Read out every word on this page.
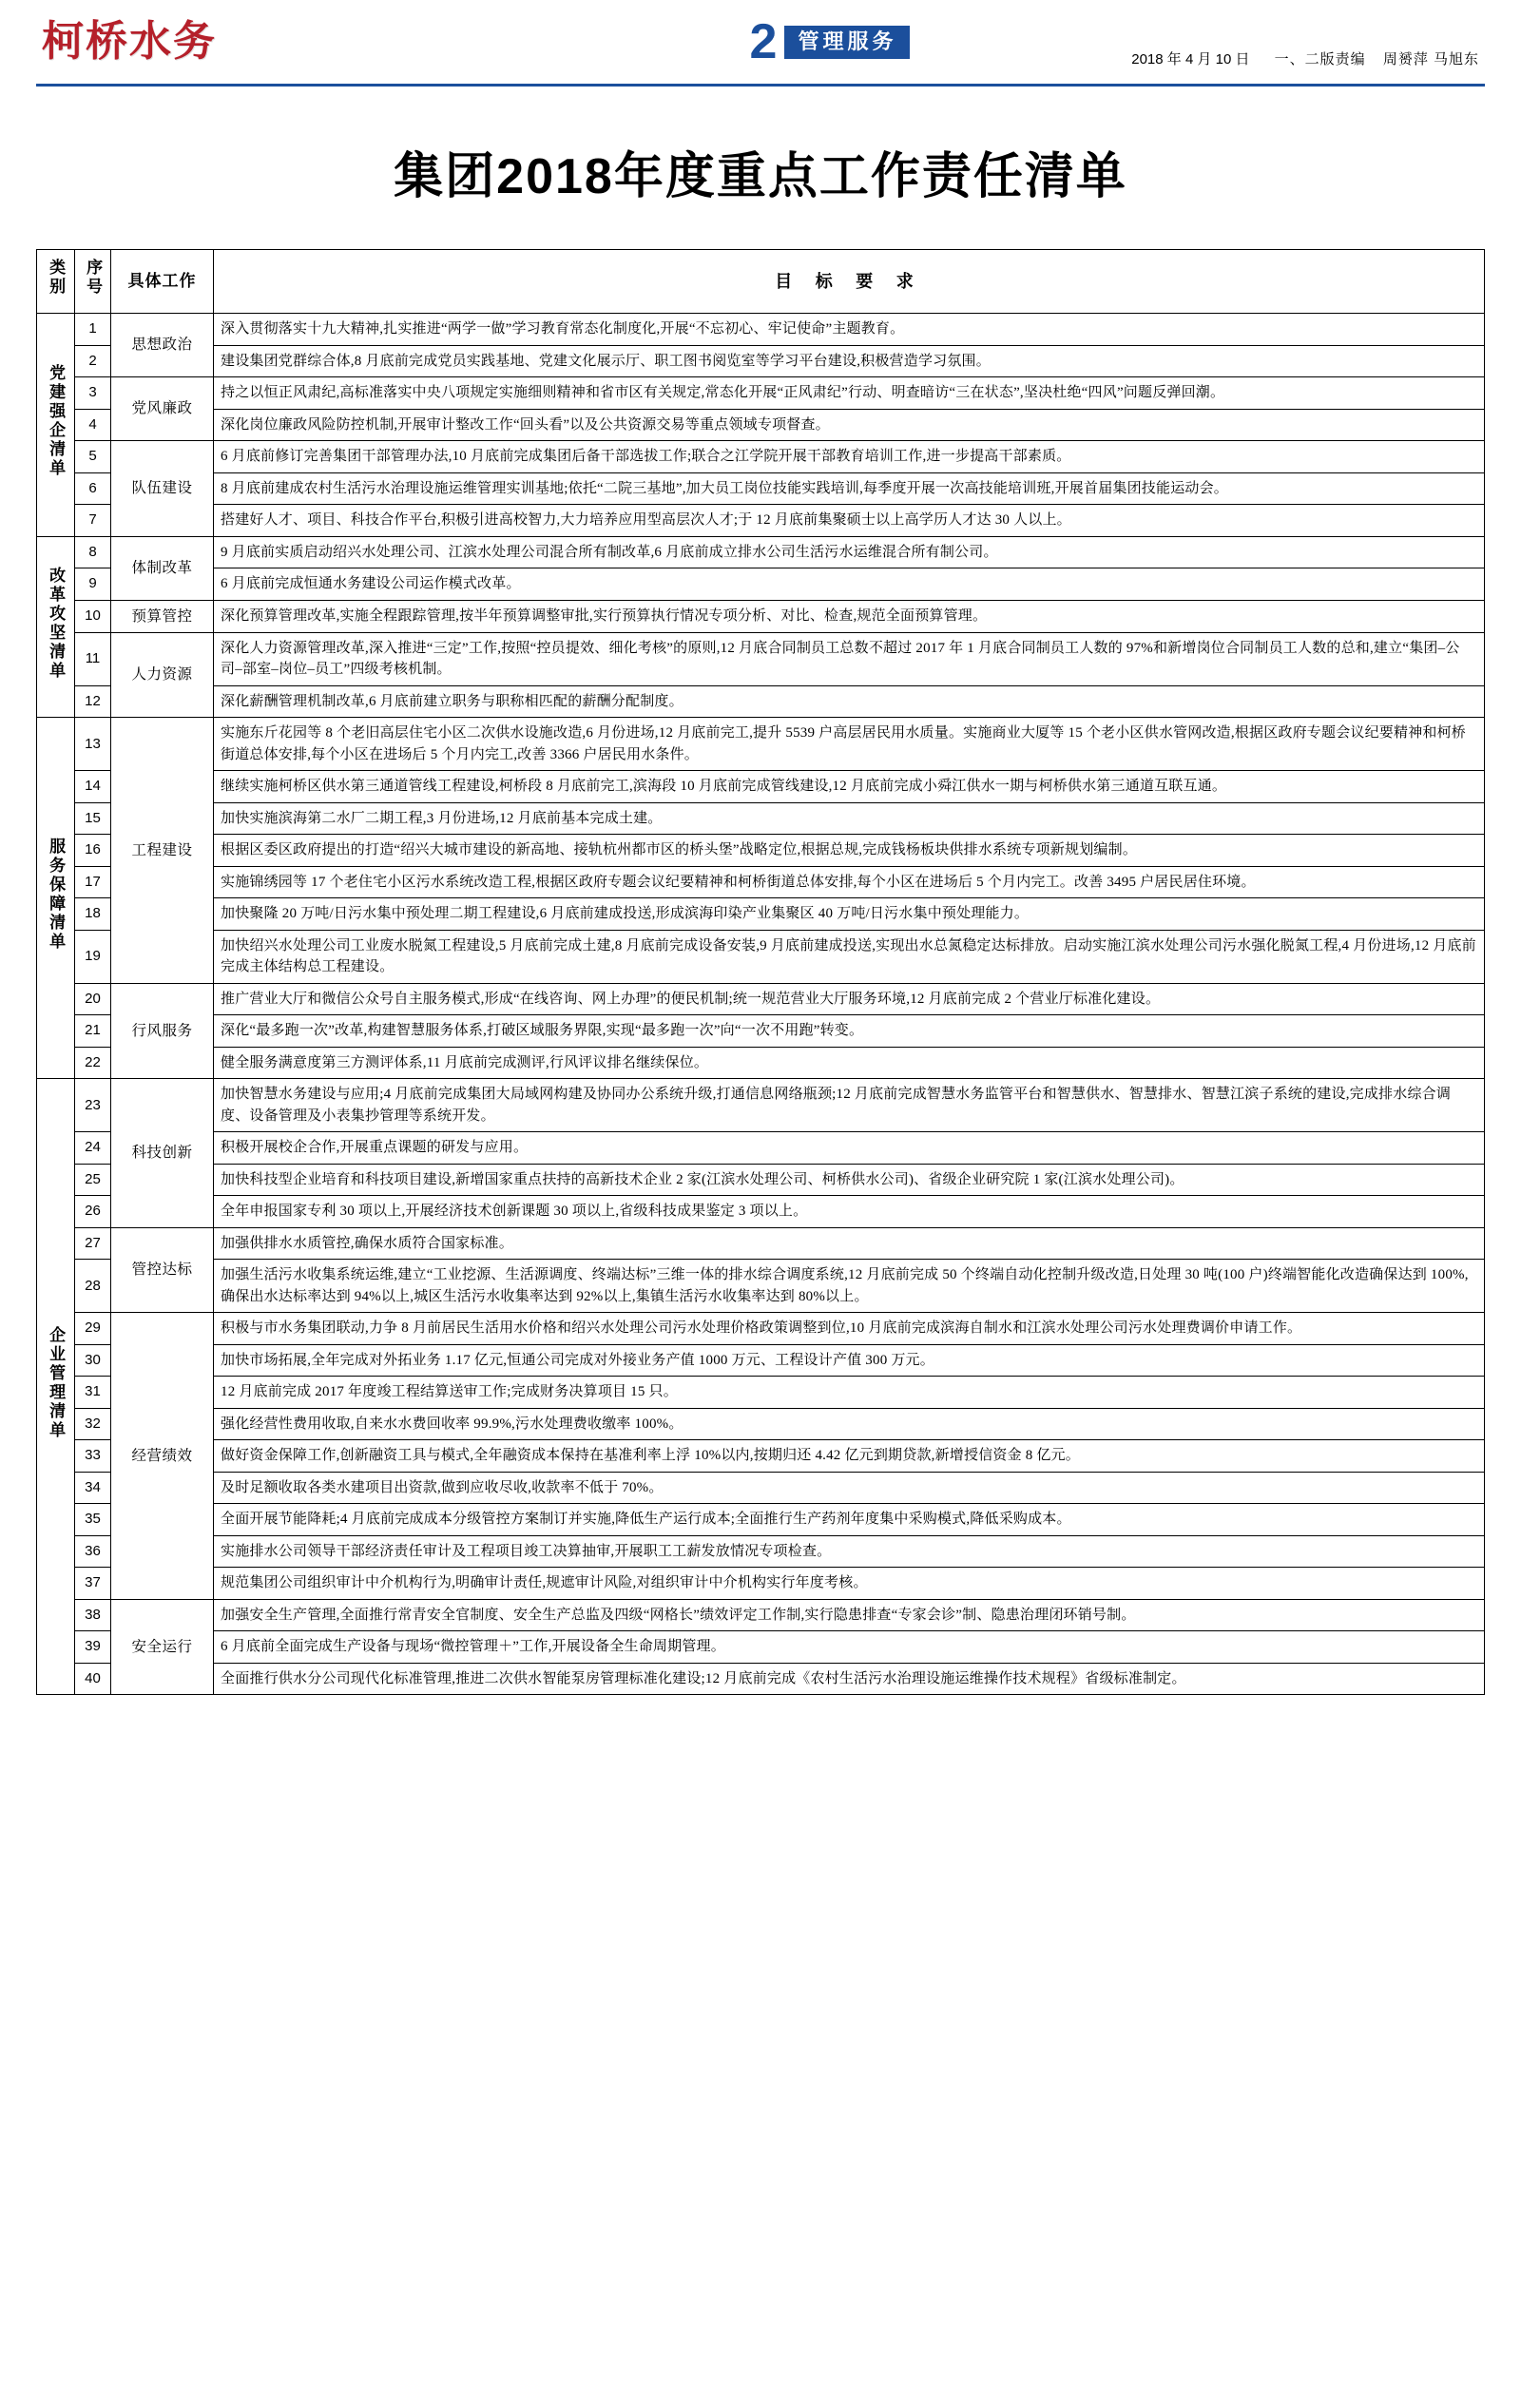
柯桥水务	2	管理服务
2018 年 4 月 10 日 一、二版责编 周赟萍 马旭东
集团2018年度重点工作责任清单
类别	序号	具体工作	目 标 要 求
党建强企清单	1	思想政治	深入贯彻落实十九大精神,扎实推进“两学一做”学习教育常态化制度化,开展“不忘初心、牢记使命”主题教育。
	2		建设集团党群综合体,8 月底前完成党员实践基地、党建文化展示厅、职工图书阅览室等学习平台建设,积极营造学习氛围。
	3	党风廉政	持之以恒正风肃纪,高标准落实中央八项规定实施细则精神和省市区有关规定,常态化开展“正风肃纪”行动、明查暗访“三在状态”,坚决杜绝“四风”问题反弹回潮。
	4		深化岗位廉政风险防控机制,开展审计整改工作“回头看”以及公共资源交易等重点领域专项督查。
	5	队伍建设	6 月底前修订完善集团干部管理办法,10 月底前完成集团后备干部选拔工作;联合之江学院开展干部教育培训工作,进一步提高干部素质。
	6		8 月底前建成农村生活污水治理设施运维管理实训基地;依托“二院三基地”,加大员工岗位技能实践培训,每季度开展一次高技能培训班,开展首届集团技能运动会。
	7		搭建好人才、项目、科技合作平台,积极引进高校智力,大力培养应用型高层次人才;于 12 月底前集聚硕士以上高学历人才达 30 人以上。
改革攻坚清单	8	体制改革	9 月底前实质启动绍兴水处理公司、江滨水处理公司混合所有制改革,6 月底前成立排水公司生活污水运维混合所有制公司。
	9		6 月底前完成恒通水务建设公司运作模式改革。
	10	预算管控	深化预算管理改革,实施全程跟踪管理,按半年预算调整审批,实行预算执行情况专项分析、对比、检查,规范全面预算管理。
	11	人力资源	深化人力资源管理改革,深入推进“三定”工作,按照“控员提效、细化考核”的原则,12 月底合同制员工总数不超过 2017 年 1 月底合同制员工人数的 97%和新增岗位合同制员工人数的总和,建立“集团–公司–部室–岗位–员工”四级考核机制。
	12		深化薪酬管理机制改革,6 月底前建立职务与职称相匹配的薪酬分配制度。
服务保障清单	13	工程建设	实施东斤花园等 8 个老旧高层住宅小区二次供水设施改造,6 月份进场,12 月底前完工,提升 5539 户高层居民用水质量。实施商业大厦等 15 个老小区供水管网改造,根据区政府专题会议纪要精神和柯桥街道总体安排,每个小区在进场后 5 个月内完工,改善 3366 户居民用水条件。
	14		继续实施柯桥区供水第三通道管线工程建设,柯桥段 8 月底前完工,滨海段 10 月底前完成管线建设,12 月底前完成小舜江供水一期与柯桥供水第三通道互联互通。
	15		加快实施滨海第二水厂二期工程,3 月份进场,12 月底前基本完成土建。
	16		根据区委区政府提出的打造“绍兴大城市建设的新高地、接轨杭州都市区的桥头堡”战略定位,根据总规,完成钱杨板块供排水系统专项新规划编制。
	17		实施锦绣园等 17 个老住宅小区污水系统改造工程,根据区政府专题会议纪要精神和柯桥街道总体安排,每个小区在进场后 5 个月内完工。改善 3495 户居民居住环境。
	18		加快聚隆 20 万吨/日污水集中预处理二期工程建设,6 月底前建成投送,形成滨海印染产业集聚区 40 万吨/日污水集中预处理能力。
	19		加快绍兴水处理公司工业废水脱氮工程建设,5 月底前完成土建,8 月底前完成设备安装,9 月底前建成投送,实现出水总氮稳定达标排放。启动实施江滨水处理公司污水强化脱氮工程,4 月份进场,12 月底前完成主体结构总工程建设。
	20	行风服务	推广营业大厅和微信公众号自主服务模式,形成“在线咨询、网上办理”的便民机制;统一规范营业大厅服务环境,12 月底前完成 2 个营业厅标准化建设。
	21		深化“最多跑一次”改革,构建智慧服务体系,打破区域服务界限,实现“最多跑一次”向“一次不用跑”转变。
	22		健全服务满意度第三方测评体系,11 月底前完成测评,行风评议排名继续保位。
企业管理清单	23	科技创新	加快智慧水务建设与应用;4 月底前完成集团大局域网构建及协同办公系统升级,打通信息网络瓶颈;12 月底前完成智慧水务监管平台和智慧供水、智慧排水、智慧江滨子系统的建设,完成排水综合调度、设备管理及小表集抄管理等系统开发。
	24		积极开展校企合作,开展重点课题的研发与应用。
	25		加快科技型企业培育和科技项目建设,新增国家重点扶持的高新技术企业 2 家(江滨水处理公司、柯桥供水公司)、省级企业研究院 1 家(江滨水处理公司)。
	26		全年申报国家专利 30 项以上,开展经济技术创新课题 30 项以上,省级科技成果鉴定 3 项以上。
	27	管控达标	加强供排水水质管控,确保水质符合国家标准。
	28		加强生活污水收集系统运维,建立“工业挖源、生活源调度、终端达标”三维一体的排水综合调度系统,12 月底前完成 50 个终端自动化控制升级改造,日处理 30 吨(100 户)终端智能化改造确保达到 100%,确保出水达标率达到 94%以上,城区生活污水收集率达到 92%以上,集镇生活污水收集率达到 80%以上。
	29	经营绩效	积极与市水务集团联动,力争 8 月前居民生活用水价格和绍兴水处理公司污水处理价格政策调整到位,10 月底前完成滨海自制水和江滨水处理公司污水处理费调价申请工作。
	30		加快市场拓展,全年完成对外拓业务 1.17 亿元,恒通公司完成对外接业务产值 1000 万元、工程设计产值 300 万元。
	31		12 月底前完成 2017 年度竣工程结算送审工作;完成财务决算项目 15 只。
	32		强化经营性费用收取,自来水水费回收率 99.9%,污水处理费收缴率 100%。
	33		做好资金保障工作,创新融资工具与模式,全年融资成本保持在基准利率上浮 10%以内,按期归还 4.42 亿元到期贷款,新增授信资金 8 亿元。
	34		及时足额收取各类水建项目出资款,做到应收尽收,收款率不低于 70%。
	35		全面开展节能降耗;4 月底前完成成本分级管控方案制订并实施,降低生产运行成本;全面推行生产药剂年度集中采购模式,降低采购成本。
	36		实施排水公司领导干部经济责任审计及工程项目竣工决算抽审,开展职工工薪发放情况专项检查。
	37		规范集团公司组织审计中介机构行为,明确审计责任,规遮审计风险,对组织审计中介机构实行年度考核。
	38	安全运行	加强安全生产管理,全面推行常青安全官制度、安全生产总监及四级“网格长”绩效评定工作制,实行隐患排查“专家会诊”制、隐患治理闭环销号制。
	39		6 月底前全面完成生产设备与现场“微控管理＋”工作,开展设备全生命周期管理。
	40		全面推行供水分公司现代化标准管理,推进二次供水智能泵房管理标准化建设;12 月底前完成《农村生活污水治理设施运维操作技术规程》省级标准制定。
